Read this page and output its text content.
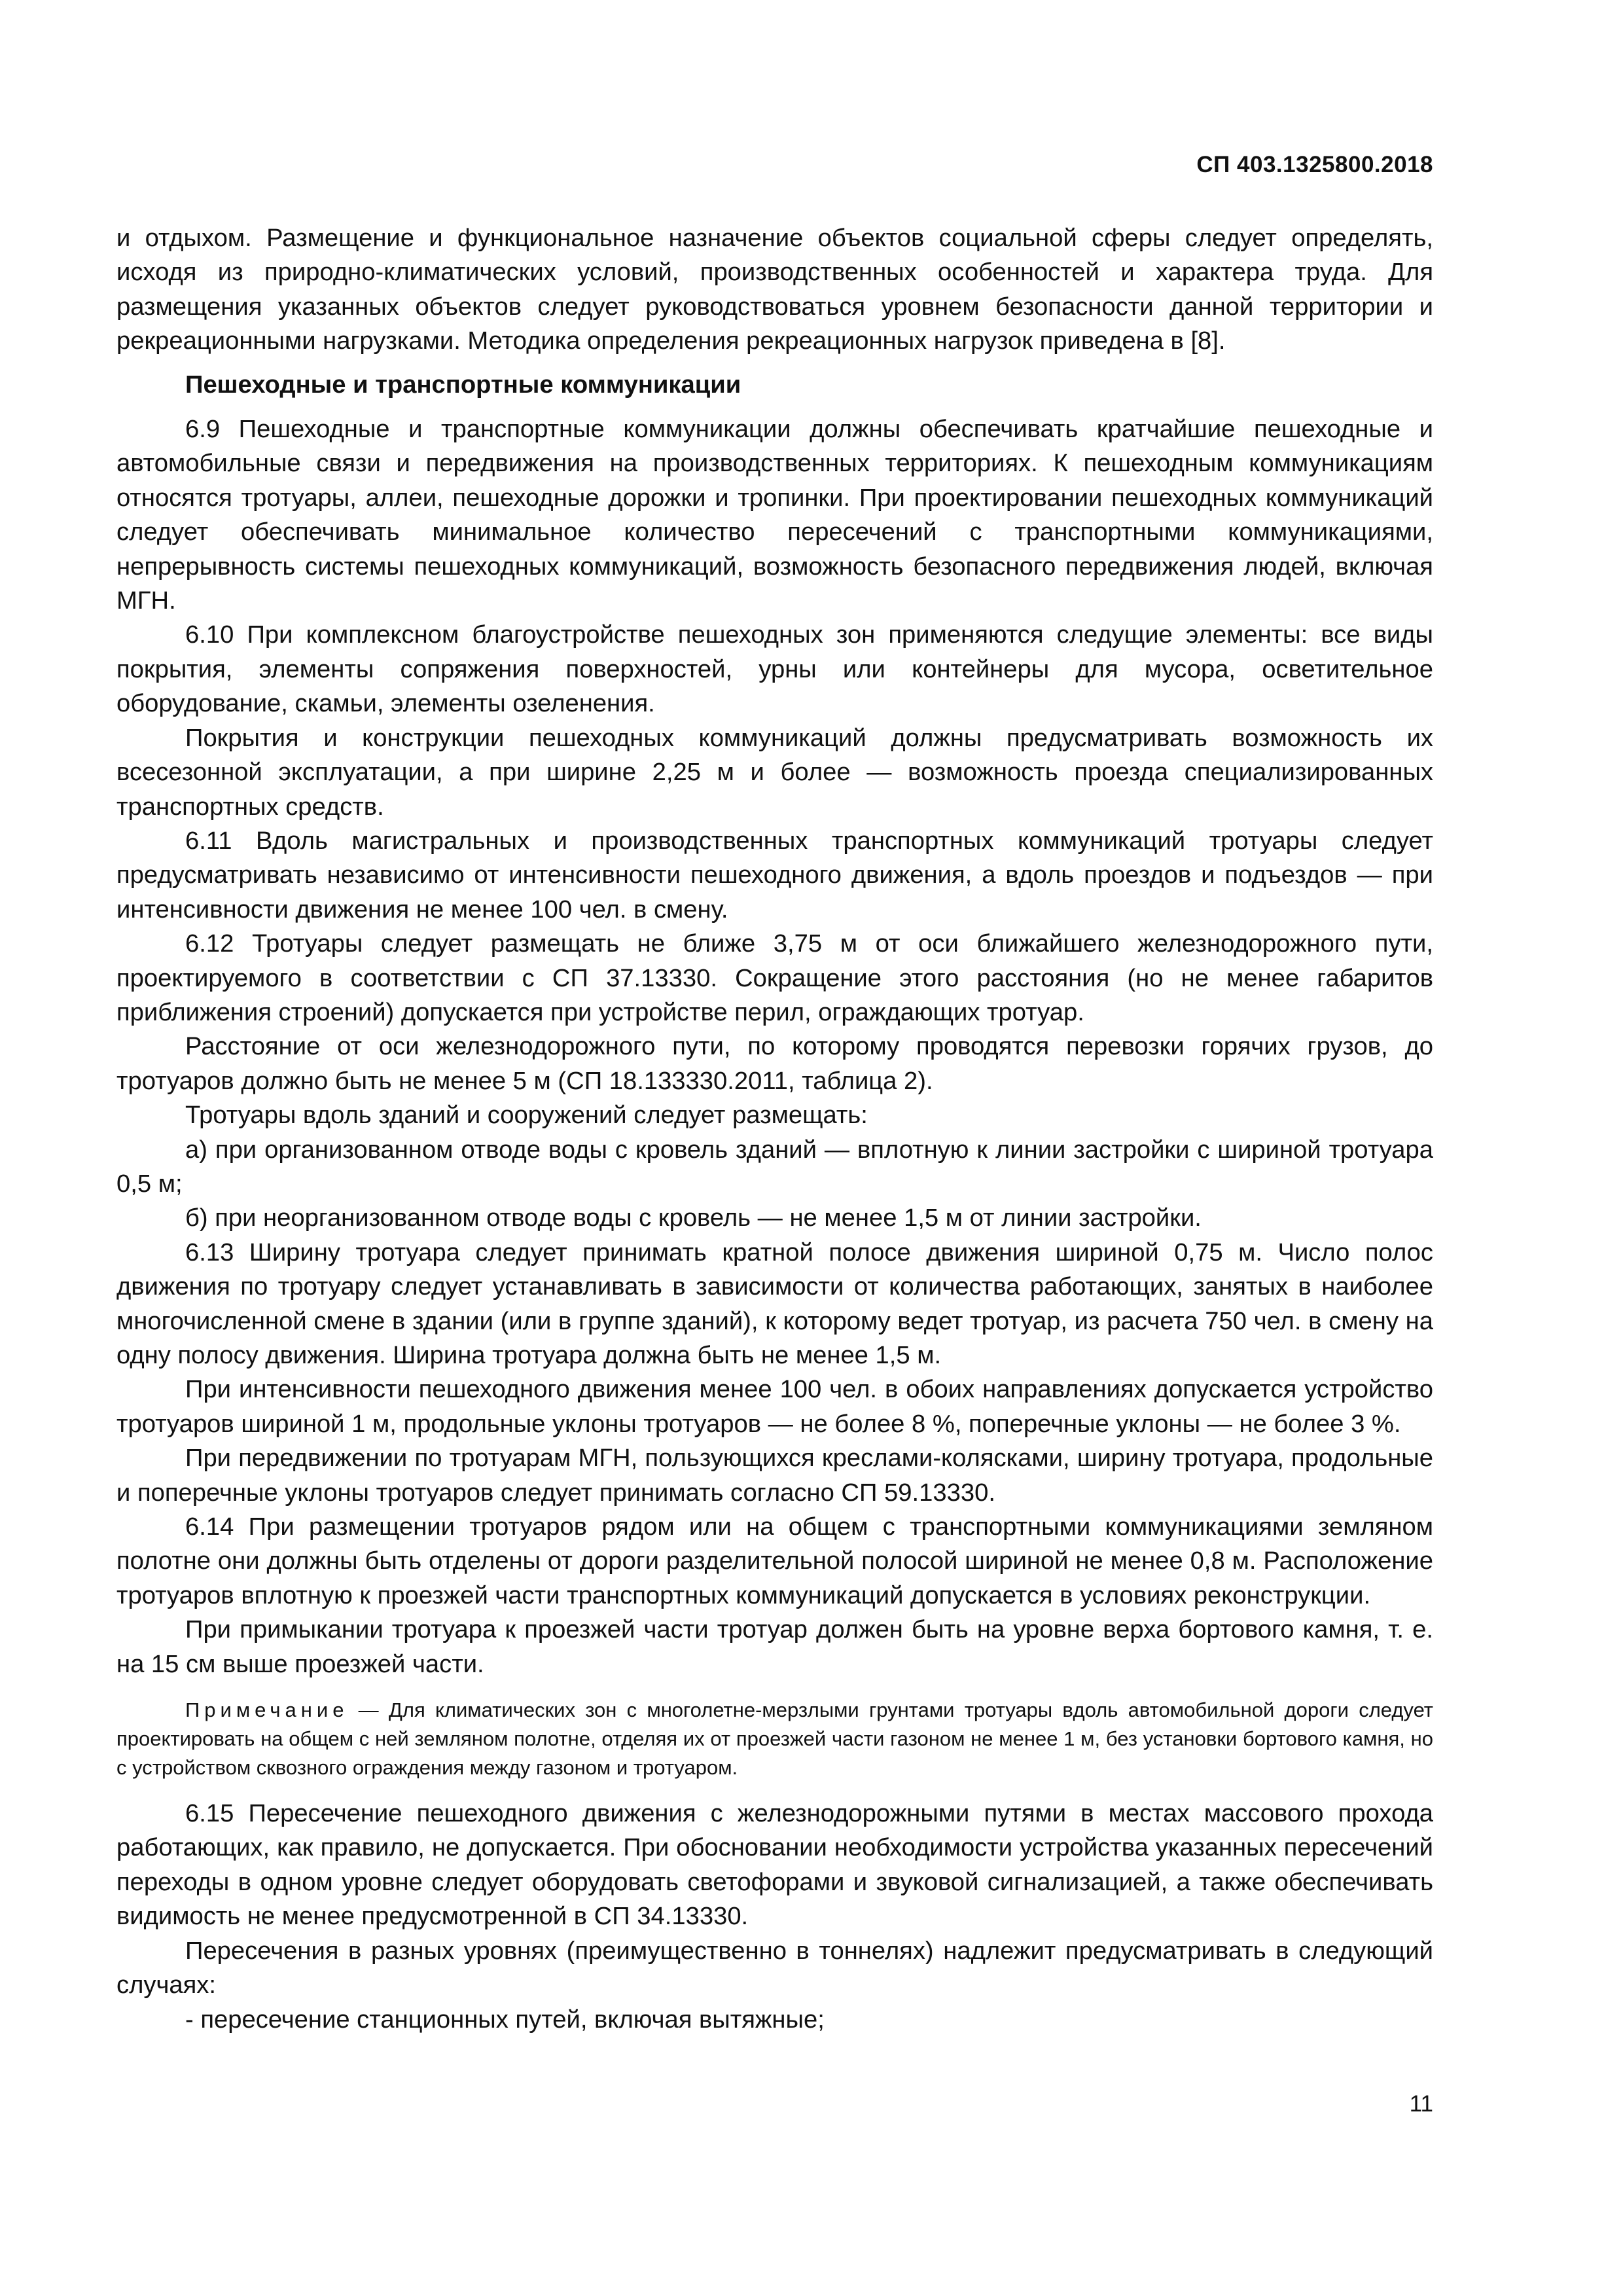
СП 403.1325800.2018

и отдыхом. Размещение и функциональное назначение объектов социальной сферы следует определять, исходя из природно-климатических условий, производственных особенностей и характера труда. Для размещения указанных объектов следует руководствоваться уровнем безопасности данной территории и рекреационными нагрузками. Методика определения рекреационных нагрузок приведена в [8].

Пешеходные и транспортные коммуникации

6.9 Пешеходные и транспортные коммуникации должны обеспечивать кратчайшие пешеходные и автомобильные связи и передвижения на производственных территориях. К пешеходным коммуникациям относятся тротуары, аллеи, пешеходные дорожки и тропинки. При проектировании пешеходных коммуникаций следует обеспечивать минимальное количество пересечений с транспортными коммуникациями, непрерывность системы пешеходных коммуникаций, возможность безопасного передвижения людей, включая МГН.

6.10 При комплексном благоустройстве пешеходных зон применяются следущие элементы: все виды покрытия, элементы сопряжения поверхностей, урны или контейнеры для мусора, осветительное оборудование, скамьи, элементы озеленения.

Покрытия и конструкции пешеходных коммуникаций должны предусматривать возможность их всесезонной эксплуатации, а при ширине 2,25 м и более — возможность проезда специализированных транспортных средств.

6.11 Вдоль магистральных и производственных транспортных коммуникаций тротуары следует предусматривать независимо от интенсивности пешеходного движения, а вдоль проездов и подъездов — при интенсивности движения не менее 100 чел. в смену.

6.12 Тротуары следует размещать не ближе 3,75 м от оси ближайшего железнодорожного пути, проектируемого в соответствии с СП 37.13330. Сокращение этого расстояния (но не менее габаритов приближения строений) допускается при устройстве перил, ограждающих тротуар.

Расстояние от оси железнодорожного пути, по которому проводятся перевозки горячих грузов, до тротуаров должно быть не менее 5 м (СП 18.133330.2011, таблица 2).

Тротуары вдоль зданий и сооружений следует размещать:

а) при организованном отводе воды с кровель зданий — вплотную к линии застройки с шириной тротуара 0,5 м;

б) при неорганизованном отводе воды с кровель — не менее 1,5 м от линии застройки.

6.13 Ширину тротуара следует принимать кратной полосе движения шириной 0,75 м. Число полос движения по тротуару следует устанавливать в зависимости от количества работающих, занятых в наиболее многочисленной смене в здании (или в группе зданий), к которому ведет тротуар, из расчета 750 чел. в смену на одну полосу движения. Ширина тротуара должна быть не менее 1,5 м.

При интенсивности пешеходного движения менее 100 чел. в обоих направлениях допускается устройство тротуаров шириной 1 м, продольные уклоны тротуаров — не более 8 %, поперечные уклоны — не более 3 %.

При передвижении по тротуарам МГН, пользующихся креслами-колясками, ширину тротуара, продольные и поперечные уклоны тротуаров следует принимать согласно СП 59.13330.

6.14 При размещении тротуаров рядом или на общем с транспортными коммуникациями земляном полотне они должны быть отделены от дороги разделительной полосой шириной не менее 0,8 м. Расположение тротуаров вплотную к проезжей части транспортных коммуникаций допускается в условиях реконструкции.

При примыкании тротуара к проезжей части тротуар должен быть на уровне верха бортового камня, т. е. на 15 см выше проезжей части.

Примечание — Для климатических зон с многолетне-мерзлыми грунтами тротуары вдоль автомобильной дороги следует проектировать на общем с ней земляном полотне, отделяя их от проезжей части газоном не менее 1 м, без установки бортового камня, но с устройством сквозного ограждения между газоном и тротуаром.

6.15 Пересечение пешеходного движения с железнодорожными путями в местах массового прохода работающих, как правило, не допускается. При обосновании необходимости устройства указанных пересечений переходы в одном уровне следует оборудовать светофорами и звуковой сигнализацией, а также обеспечивать видимость не менее предусмотренной в СП 34.13330.

Пересечения в разных уровнях (преимущественно в тоннелях) надлежит предусматривать в следующий случаях:

- пересечение станционных путей, включая вытяжные;

11
